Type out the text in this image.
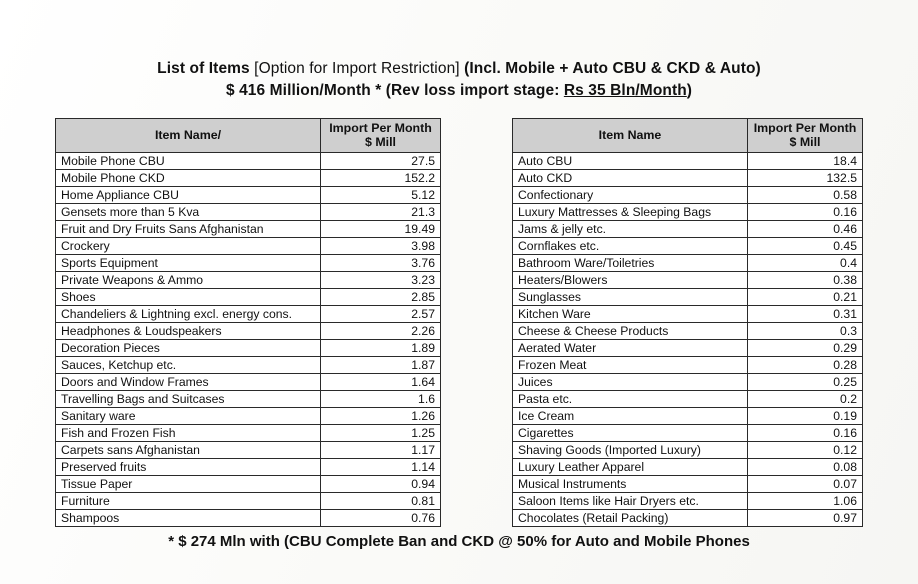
List of Items [Option for Import Restriction] (Incl. Mobile + Auto CBU & CKD & Auto)
$ 416 Million/Month * (Rev loss import stage: Rs 35 Bln/Month)
Item Name/	Import Per Month
$ Mill

Mobile Phone CBU	27.5
Mobile Phone CKD	152.2
Home Appliance CBU	5.12
Gensets more than 5 Kva	21.3
Fruit and Dry Fruits Sans Afghanistan	19.49
Crockery	3.98
Sports Equipment	3.76
Private Weapons & Ammo	3.23
Shoes	2.85
Chandeliers & Lightning excl. energy cons.	2.57
Headphones & Loudspeakers	2.26
Decoration Pieces	1.89
Sauces, Ketchup etc.	1.87
Doors and Window Frames	1.64
Travelling Bags and Suitcases	1.6
Sanitary ware	1.26
Fish and Frozen Fish	1.25
Carpets sans Afghanistan	1.17
Preserved fruits	1.14
Tissue Paper	0.94
Furniture	0.81
Shampoos	0.76
Item Name	Import Per Month
$ Mill

Auto CBU	18.4
Auto CKD	132.5
Confectionary	0.58
Luxury Mattresses & Sleeping Bags	0.16
Jams & jelly etc.	0.46
Cornflakes etc.	0.45
Bathroom Ware/Toiletries	0.4
Heaters/Blowers	0.38
Sunglasses	0.21
Kitchen Ware	0.31
Cheese & Cheese Products	0.3
Aerated Water	0.29
Frozen Meat	0.28
Juices	0.25
Pasta etc.	0.2
Ice Cream	0.19
Cigarettes	0.16
Shaving Goods (Imported Luxury)	0.12
Luxury Leather Apparel	0.08
Musical Instruments	0.07
Saloon Items like Hair Dryers etc.	1.06
Chocolates (Retail Packing)	0.97
* $ 274 Mln with (CBU Complete Ban and CKD @ 50% for Auto and Mobile Phones
